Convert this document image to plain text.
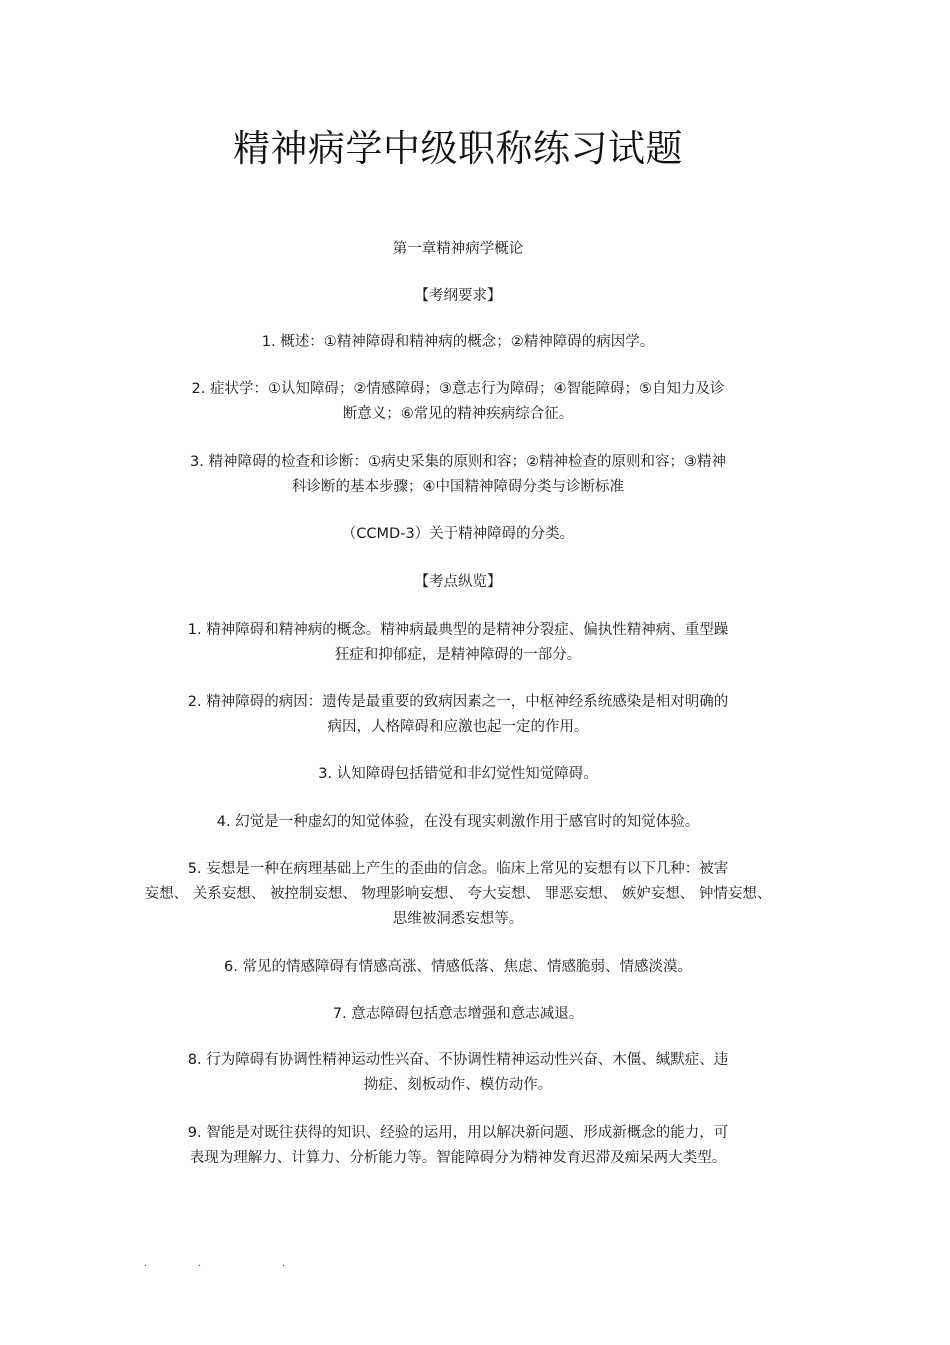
精神病学中级职称练习试题

第一章精神病学概论

【考纲要求】

1. 概述：①精神障碍和精神病的概念；②精神障碍的病因学。

2. 症状学：①认知障碍；②情感障碍；③意志行为障碍；④智能障碍；⑤自知力及诊

断意义；⑥常见的精神疾病综合征。

3. 精神障碍的检查和诊断：①病史采集的原则和容；②精神检查的原则和容；③精神

科诊断的基本步骤；④中国精神障碍分类与诊断标准

（CCMD-3）关于精神障碍的分类。

【考点纵览】

1. 精神障碍和精神病的概念。精神病最典型的是精神分裂症、偏执性精神病、重型躁

狂症和抑郁症，是精神障碍的一部分。

2. 精神障碍的病因：遗传是最重要的致病因素之一，中枢神经系统感染是相对明确的

病因，人格障碍和应激也起一定的作用。

3. 认知障碍包括错觉和非幻觉性知觉障碍。

4. 幻觉是一种虚幻的知觉体验，在没有现实刺激作用于感官时的知觉体验。

5. 妄想是一种在病理基础上产生的歪曲的信念。临床上常见的妄想有以下几种：被害

妄想、 关系妄想、 被控制妄想、 物理影响妄想、 夸大妄想、 罪恶妄想、 嫉妒妄想、 钟情妄想、

思维被洞悉妄想等。

6. 常见的情感障碍有情感高涨、情感低落、焦虑、情感脆弱、情感淡漠。

7. 意志障碍包括意志增强和意志减退。

8. 行为障碍有协调性精神运动性兴奋、不协调性精神运动性兴奋、木僵、缄默症、违

拗症、刻板动作、模仿动作。

9. 智能是对既往获得的知识、经验的运用，用以解决新问题、形成新概念的能力，可

表现为理解力、计算力、分析能力等。智能障碍分为精神发育迟滞及痴呆两大类型。

.	.	.
